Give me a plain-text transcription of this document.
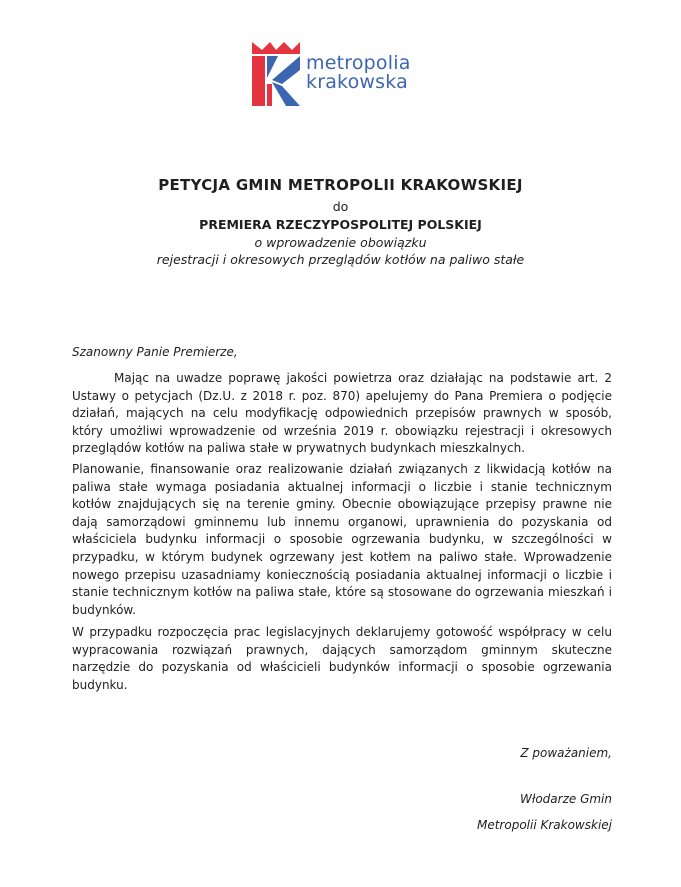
metropolia
krakowska
PETYCJA GMIN METROPOLII KRAKOWSKIEJ
do
PREMIERA RZECZYPOSPOLITEJ POLSKIEJ
o wprowadzenie obowiązku
rejestracji i okresowych przeglądów kotłów na paliwo stałe
Szanowny Panie Premierze,

Mając na uwadze poprawę jakości powietrza oraz działając na podstawie art. 2 Ustawy o petycjach (Dz.U. z 2018 r. poz. 870) apelujemy do Pana Premiera o podjęcie działań, mających na celu modyfikację odpowiednich przepisów prawnych w sposób, który umożliwi wprowadzenie od września 2019 r. obowiązku rejestracji i okresowych przeglądów kotłów na paliwa stałe w prywatnych budynkach mieszkalnych.

Planowanie, finansowanie oraz realizowanie działań związanych z likwidacją kotłów na paliwa stałe wymaga posiadania aktualnej informacji o liczbie i stanie technicznym kotłów znajdujących się na terenie gminy. Obecnie obowiązujące przepisy prawne nie dają samorządowi gminnemu lub innemu organowi, uprawnienia do pozyskania od właściciela budynku informacji o sposobie ogrzewania budynku, w szczególności w przypadku, w którym budynek ogrzewany jest kotłem na paliwo stałe. Wprowadzenie nowego przepisu uzasadniamy koniecznością posiadania aktualnej informacji o liczbie i stanie technicznym kotłów na paliwa stałe, które są stosowane do ogrzewania mieszkań i budynków.

W przypadku rozpoczęcia prac legislacyjnych deklarujemy gotowość współpracy w celu wypracowania rozwiązań prawnych, dających samorządom gminnym skuteczne narzędzie do pozyskania od właścicieli budynków informacji o sposobie ogrzewania budynku.

Z poważaniem,
Włodarze Gmin
Metropolii Krakowskiej
